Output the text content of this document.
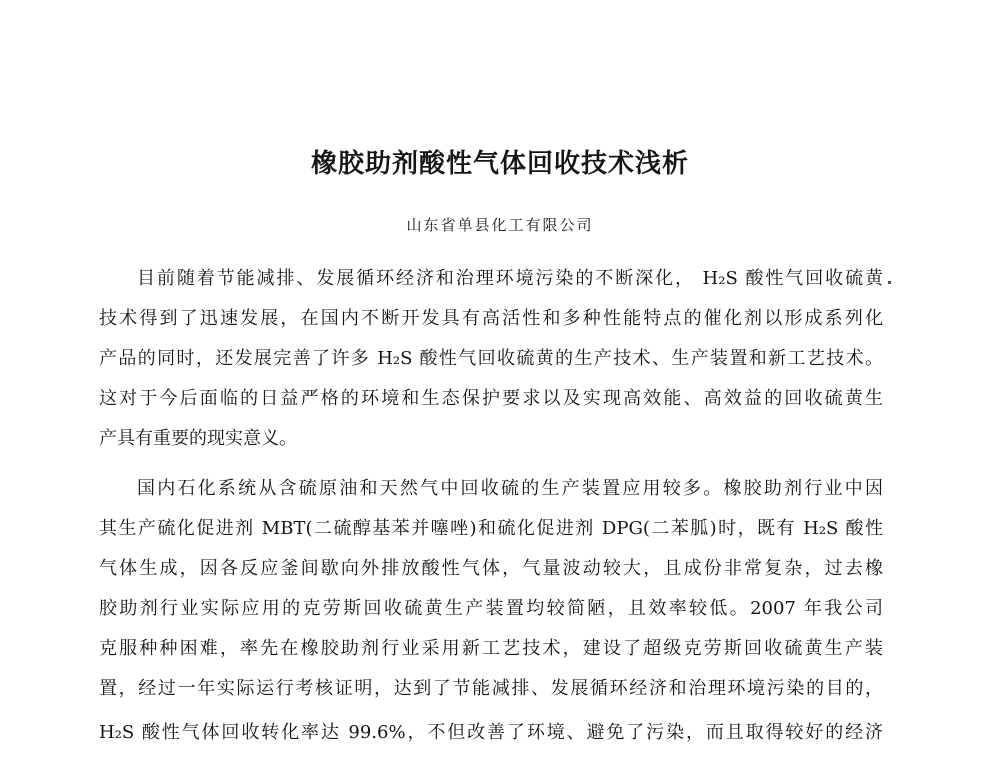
橡胶助剂酸性气体回收技术浅析
山东省单县化工有限公司
目前随着节能减排、发展循环经济和治理环境污染的不断深化， H₂S 酸性气回收硫黄
技术得到了迅速发展，在国内不断开发具有高活性和多种性能特点的催化剂以形成系列化
产品的同时，还发展完善了许多 H₂S 酸性气回收硫黄的生产技术、生产装置和新工艺技术。
这对于今后面临的日益严格的环境和生态保护要求以及实现高效能、高效益的回收硫黄生
产具有重要的现实意义。
国内石化系统从含硫原油和天然气中回收硫的生产装置应用较多。橡胶助剂行业中因
其生产硫化促进剂 MBT(二硫醇基苯并噻唑)和硫化促进剂 DPG(二苯胍)时，既有 H₂S 酸性
气体生成，因各反应釜间歇向外排放酸性气体，气量波动较大，且成份非常复杂，过去橡
胶助剂行业实际应用的克劳斯回收硫黄生产装置均较简陋，且效率较低。2007 年我公司
克服种种困难，率先在橡胶助剂行业采用新工艺技术，建设了超级克劳斯回收硫黄生产装
置，经过一年实际运行考核证明，达到了节能减排、发展循环经济和治理环境污染的目的，
H₂S 酸性气体回收转化率达 99.6%，不但改善了环境、避免了污染，而且取得较好的经济
